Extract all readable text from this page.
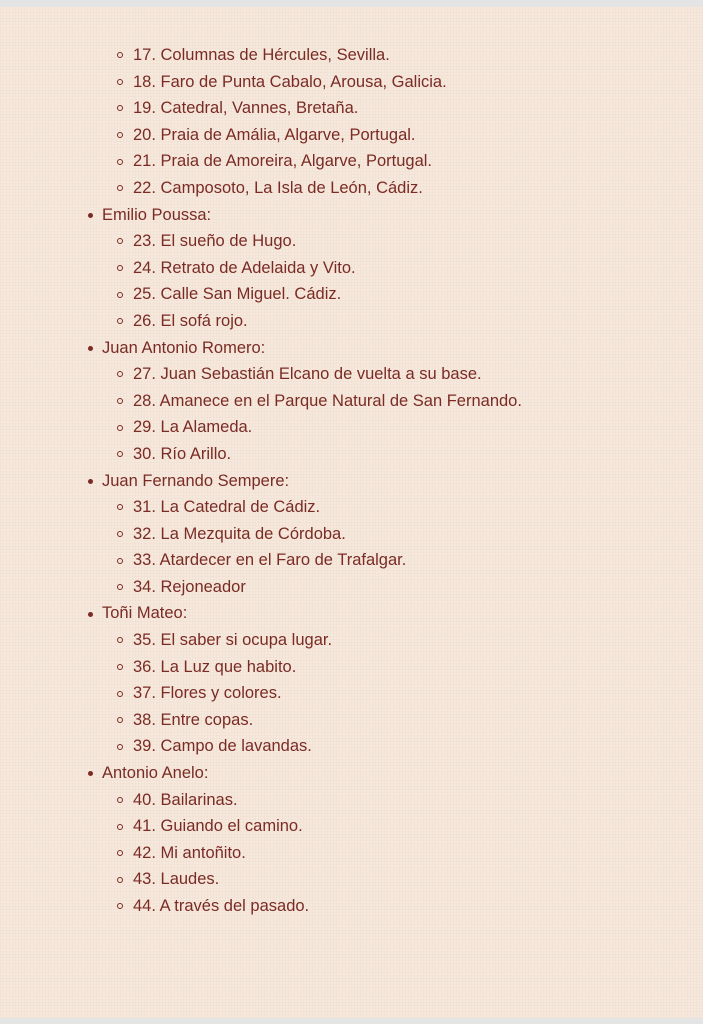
17. Columnas de Hércules, Sevilla.
18. Faro de Punta Cabalo, Arousa, Galicia.
19. Catedral, Vannes, Bretaña.
20. Praia de Amália, Algarve, Portugal.
21. Praia de Amoreira, Algarve, Portugal.
22. Camposoto, La Isla de León, Cádiz.
Emilio Poussa:
23. El sueño de Hugo.
24. Retrato de Adelaida y Vito.
25. Calle San Miguel. Cádiz.
26. El sofá rojo.
Juan Antonio Romero:
27. Juan Sebastián Elcano de vuelta a su base.
28. Amanece en el Parque Natural de San Fernando.
29. La Alameda.
30. Río Arillo.
Juan Fernando Sempere:
31. La Catedral de Cádiz.
32. La Mezquita de Córdoba.
33. Atardecer en el Faro de Trafalgar.
34. Rejoneador
Toñi Mateo:
35. El saber si ocupa lugar.
36. La Luz que habito.
37. Flores y colores.
38. Entre copas.
39. Campo de lavandas.
Antonio Anelo:
40. Bailarinas.
41. Guiando el camino.
42. Mi antoñito.
43. Laudes.
44. A través del pasado.
